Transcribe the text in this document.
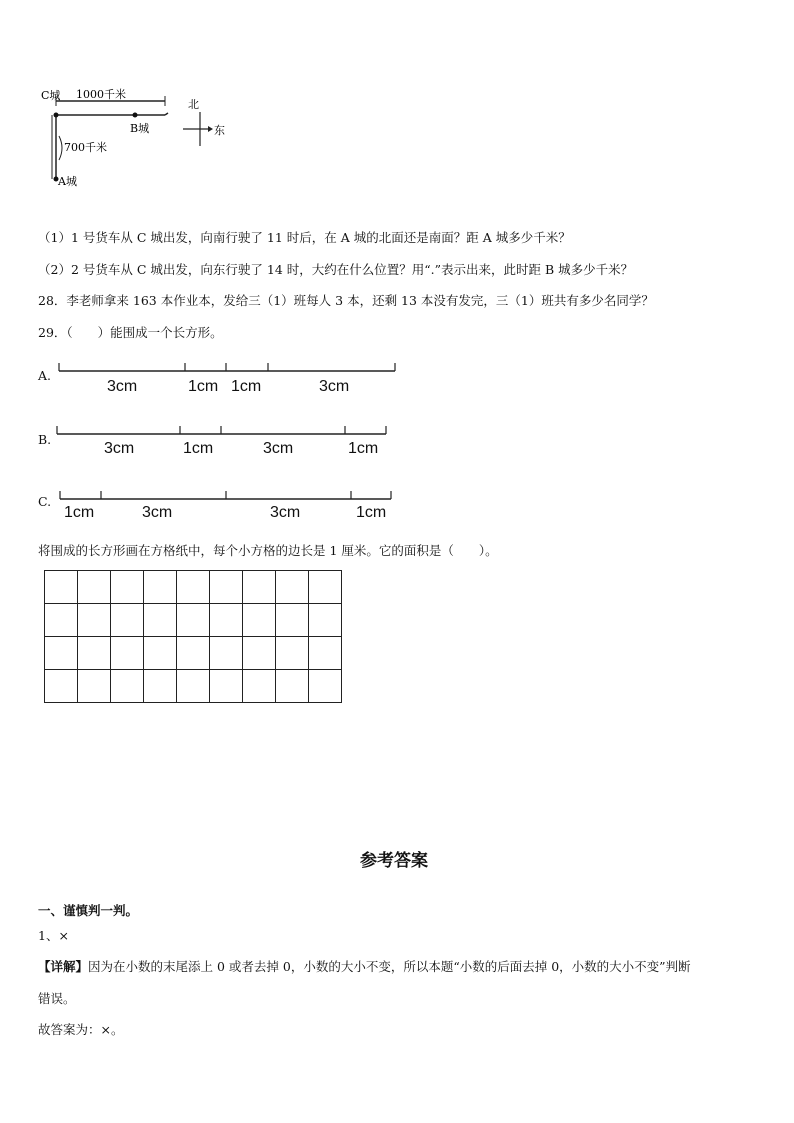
C城 1000千米
B城
700千米
A城
北
东
（1）1 号货车从 C 城出发，向南行驶了 11 时后，在 A 城的北面还是南面？距 A 城多少千米？
（2）2 号货车从 C 城出发，向东行驶了 14 时，大约在什么位置？用“.”表示出来，此时距 B 城多少千米？
28．李老师拿来 163 本作业本，发给三（1）班每人 3 本，还剩 13 本没有发完，三（1）班共有多少名同学？
29．（　　）能围成一个长方形。
A.
3cm	1cm 1cm	3cm
B.
3cm	1cm	3cm	1cm
C.
1cm	3cm	3cm	1cm
将围成的长方形画在方格纸中，每个小方格的边长是 1 厘米。它的面积是（　　）。
参考答案
一、谨慎判一判。
1、×
【详解】因为在小数的末尾添上 0 或者去掉 0，小数的大小不变，所以本题“小数的后面去掉 0，小数的大小不变”判断
错误。
故答案为：×。
